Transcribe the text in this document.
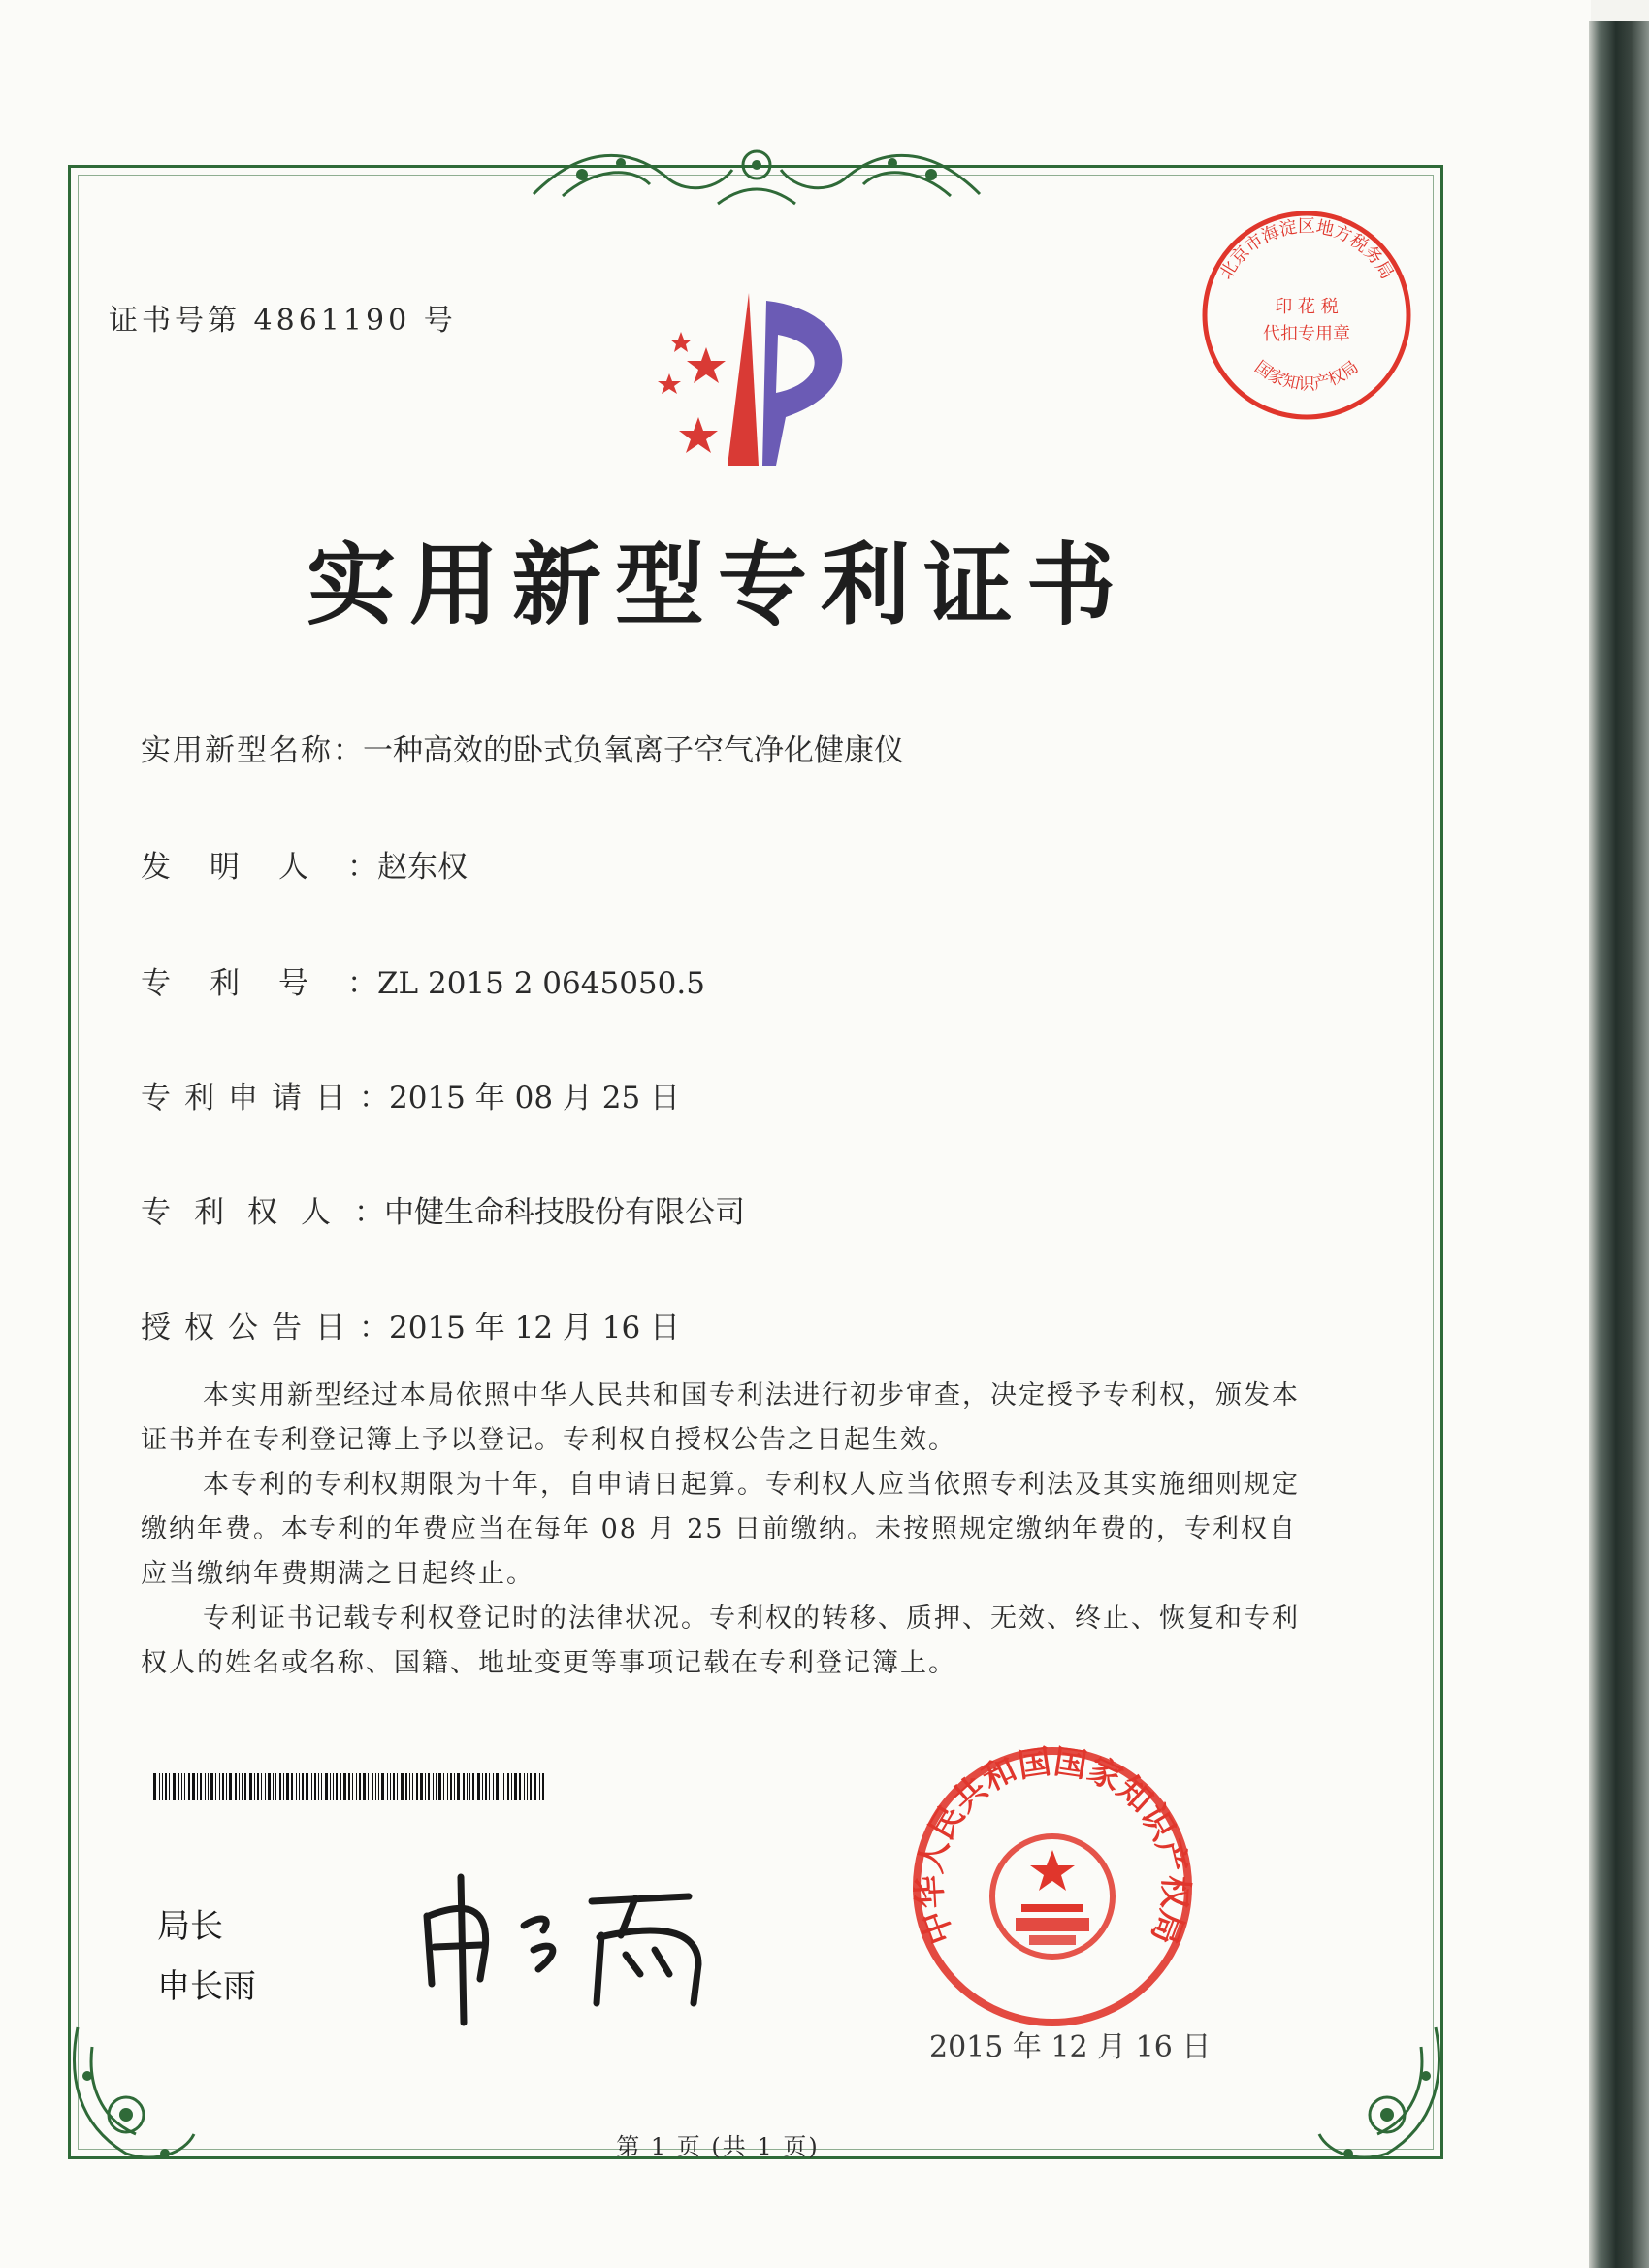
证书号第 4861190 号
北京市海淀区地方税务局
印 花 税
代扣专用章
国家知识产权局
实用新型专利证书
实用新型名称：一种高效的卧式负氧离子空气净化健康仪
发明人：赵东权
专利号：ZL 2015 2 0645050.5
专利申请日：2015 年 08 月 25 日
专利权人：中健生命科技股份有限公司
授权公告日：2015 年 12 月 16 日

本实用新型经过本局依照中华人民共和国专利法进行初步审查，决定授予专利权，颁发本证书并在专利登记簿上予以登记。专利权自授权公告之日起生效。

本专利的专利权期限为十年，自申请日起算。专利权人应当依照专利法及其实施细则规定缴纳年费。本专利的年费应当在每年 08 月 25 日前缴纳。未按照规定缴纳年费的，专利权自应当缴纳年费期满之日起终止。

专利证书记载专利权登记时的法律状况。专利权的转移、质押、无效、终止、恢复和专利权人的姓名或名称、国籍、地址变更等事项记载在专利登记簿上。

局长
申长雨
中华人民共和国国家知识产权局
2015 年 12 月 16 日
第 1 页 (共 1 页)
